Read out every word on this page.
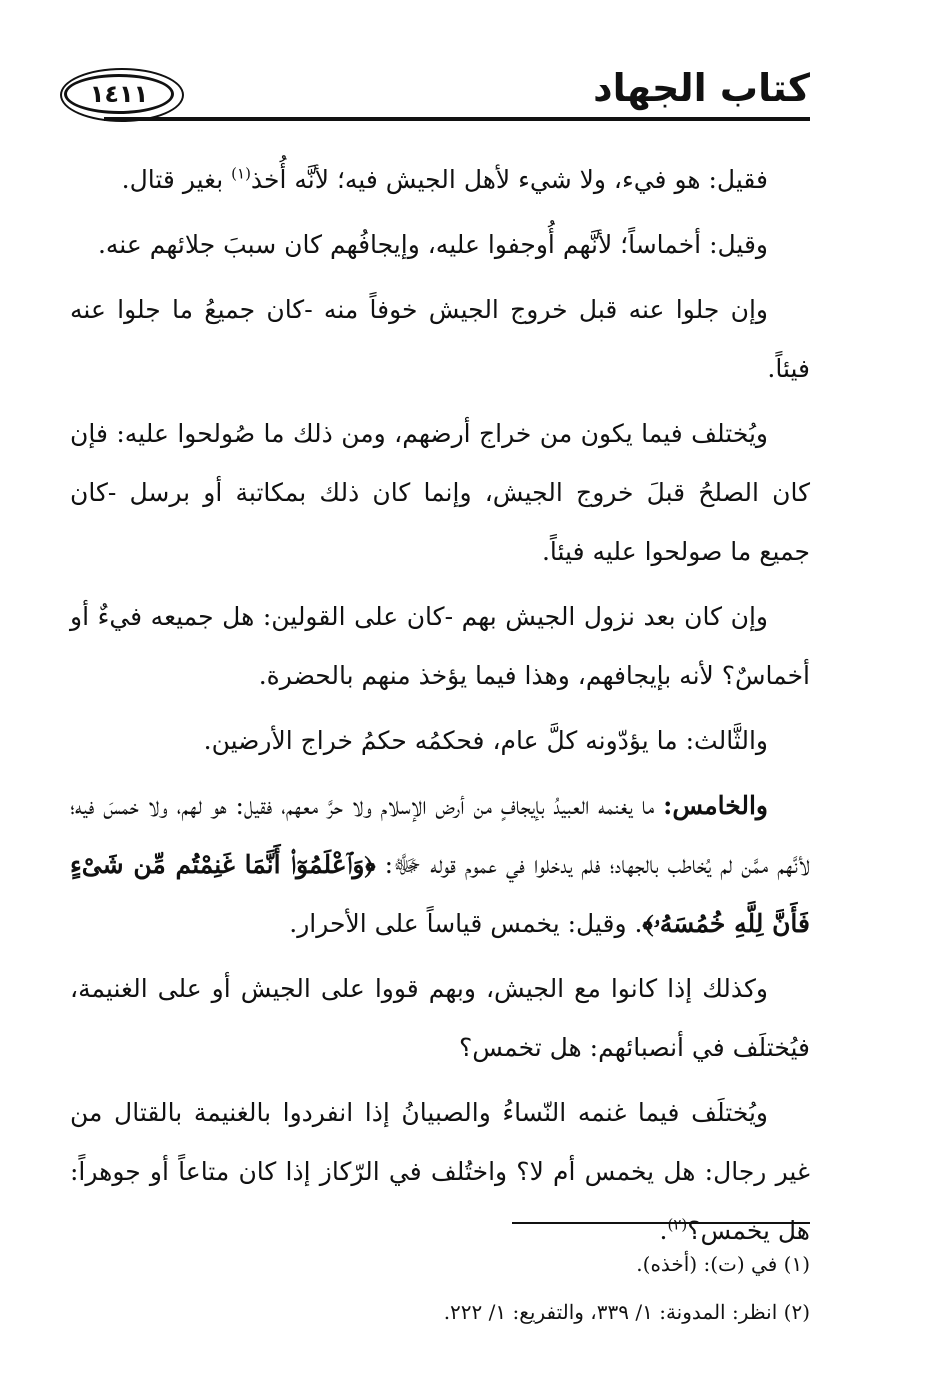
كتاب الجهاد
١٤١١

فقيل: هو فيء، ولا شيء لأهل الجيش فيه؛ لأنَّه أُخذ$^{(١)}$ بغير قتال.

وقيل: أخماساً؛ لأنَّهم أُوجفوا عليه، وإيجافُهم كان سببَ جلائهم عنه.

وإن جلوا عنه قبل خروج الجيش خوفاً منه -كان جميعُ ما جلوا عنه فيئاً.

ويُختلف فيما يكون من خراج أرضهم، ومن ذلك ما صُولحوا عليه: فإن كان الصلحُ قبلَ خروج الجيش، وإنما كان ذلك بمكاتبة أو برسل -كان جميع ما صولحوا عليه فيئاً.

وإن كان بعد نزول الجيش بهم -كان على القولين: هل جميعه فيءٌ أو أخماسٌ؟ لأنه بإيجافهم، وهذا فيما يؤخذ منهم بالحضرة.

والثَّالث: ما يؤدّونه كلَّ عام، فحكمُه حكمُ خراج الأرضين.

والخامس: ما يغنمه العبيدُ بإيجافٍ من أرض الإسلام ولا حرَّ معهم، فقيل: هو لهم، ولا خمسَ فيه؛ لأنَّهم ممَّن لم يُخاطب بالجهاد؛ فلم يدخلوا في عموم قوله ﷻ: ﴿وَٱعْلَمُوٓا۟ أَنَّمَا غَنِمْتُم مِّن شَىْءٍ فَأَنَّ لِلَّهِ خُمُسَهُۥ﴾. وقيل: يخمس قياساً على الأحرار.

وكذلك إذا كانوا مع الجيش، وبهم قووا على الجيش أو على الغنيمة، فيُختلَف في أنصبائهم: هل تخمس؟

ويُختلَف فيما غنمه النّساءُ والصبيانُ إذا انفردوا بالغنيمة بالقتال من غير رجال: هل يخمس أم لا؟ واختُلف في الرّكاز إذا كان متاعاً أو جوهراً: هل يخمس؟$^{(٢)}$.

(١) في (ت): (أخذه).

(٢) انظر: المدونة: ١/ ٣٣٩، والتفريع: ١/ ٢٢٢.
